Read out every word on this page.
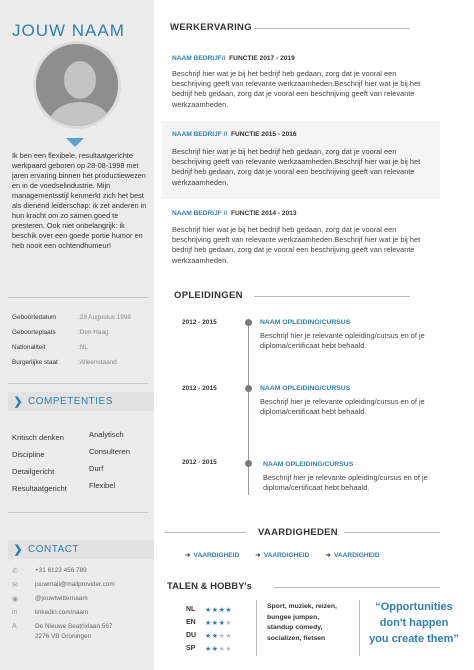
JOUW NAAM
Ik ben een flexibele, resultaatgerichte werkpaard geboren op 28-08-1998 met jaren ervaring binnen het productiewezen en in de voedselindustrie. Mijn managementsstijl kenmerkt zich het best als dienend leiderschap: ik zet anderen in hun kracht om zo samen goed te presteren. Ook niet onbelangrijk: ik beschik over een goede portie humor en heb nooit een ochtendhumeur!
Geboortedatum	:28 Augustus 1998
Geboorteplaats	:Den Haag
Nationaliteit	:NL
Burgerlijke staat	:Alleenstaand
❯ COMPETENTIES
Kritisch denken
Discipline
Detailgericht
Resultaatgericht
Analytisch
Consulteren
Durf
Flexibel
❯ CONTACT
✆	+31 6123 456 789
✉	jouwmail@mailprovider.com
◉	@jouwtwitternaam
in	linkedin.com/naam
A	De Nieuwe Beatrixlaan 567
2276 VB Groningen
WERKERVARING
NAAM BEDRIJF// FUNCTIE 2017 - 2019
Beschrijf hier wat je bij het bedrijf heb gedaan, zorg dat je vooral een beschrijving geeft van relevante werkzaamheden.Beschrijf hier wat je bij het bedrijf heb gedaan, zorg dat je vooral een beschrijving geeft van relevante werkzaamheden.
NAAM BEDRIJF // FUNCTIE 2015 - 2016
Beschrijf hier wat je bij het bedrijf heb gedaan, zorg dat je vooral een beschrijving geeft van relevante werkzaamheden.Beschrijf hier wat je bij het bedrijf heb gedaan, zorg dat je vooral een beschrijving geeft van relevante werkzaamheden.
NAAM BEDRIJF // FUNCTIE 2014 - 2013
Beschrijf hier wat je bij het bedrijf heb gedaan, zorg dat je vooral een beschrijving geeft van relevante werkzaamheden.Beschrijf hier wat je bij het bedrijf heb gedaan, zorg dat je vooral een beschrijving geeft van relevante werkzaamheden.
OPLEIDINGEN
2012 - 2015	NAAM OPLEIDING/CURSUS
Beschrijf hier je relevante opleiding/cursus en of je diploma/certificaat hebt behaald.
2012 - 2015	NAAM OPLEIDING/CURSUS
Beschrijf hier je relevante opleiding/cursus en of je diploma/certificaat hebt behaald.
2012 - 2015	NAAM OPLEIDING/CURSUS
Beschrijf hier je relevante opleiding/cursus en of je diploma/certificaat hebt behaald.
VAARDIGHEDEN
➜ VAARDIGHEID ➜ VAARDIGHEID ➜ VAARDIGHEID
TALEN & HOBBY's
NL	★★★★
EN	★★★★
DU	★★★★
SP	★★★★
Sport, muziek, reizen,
bungee jumpen,
standup comedy,
socializen, fietsen
“Opportunities
don't happen
you create them”
